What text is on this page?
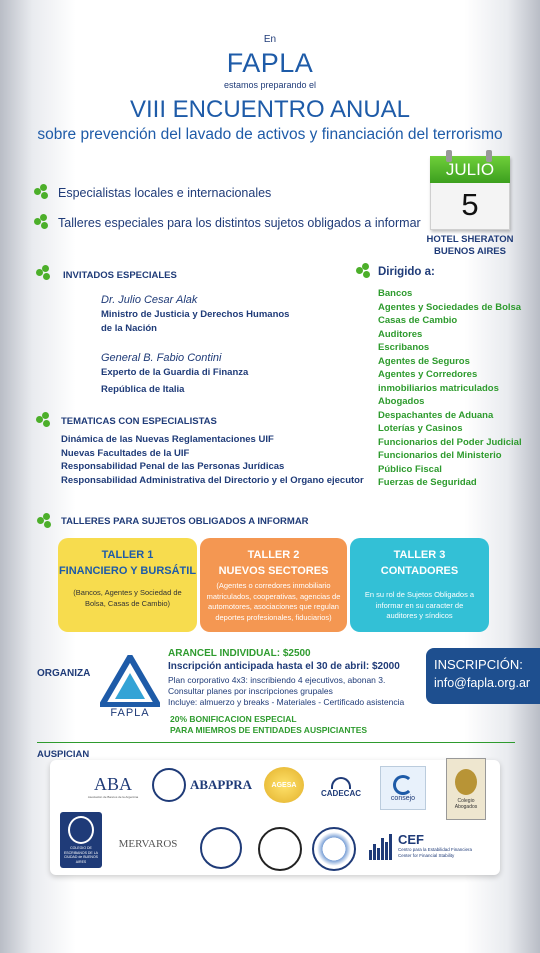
En
FAPLA
estamos preparando el
VIII ENCUENTRO ANUAL
sobre prevención del lavado de activos y financiación del terrorismo
Especialistas locales e internacionales
Talleres especiales para los distintos sujetos obligados a informar
JULIO
5
HOTEL SHERATON
BUENOS AIRES
INVITADOS ESPECIALES
Dr. Julio Cesar Alak
Ministro de Justicia y Derechos Humanos
de la Nación
General B. Fabio Contini
Experto de la Guardia di Finanza
República de Italia
Dirigido a:
Bancos
Agentes y Sociedades de Bolsa
Casas de Cambio
Auditores
Escribanos
Agentes de Seguros
Agentes y Corredores
inmobiliarios matriculados
Abogados
Despachantes de Aduana
Loterías y Casinos
Funcionarios del Poder Judicial
Funcionarios del Ministerio
Público Fiscal
Fuerzas de Seguridad
TEMATICAS CON ESPECIALISTAS
Dinámica de las Nuevas Reglamentaciones UIF
Nuevas Facultades de la UIF
Responsabilidad Penal de las Personas Jurídicas
Responsabilidad Administrativa del Directorio y el Organo ejecutor
TALLERES PARA SUJETOS OBLIGADOS A INFORMAR
TALLER 1
FINANCIERO Y BURSÁTIL
(Bancos, Agentes y Sociedad de Bolsa, Casas de Cambio)
TALLER 2
NUEVOS SECTORES
(Agentes o corredores inmobiliario matriculados, cooperativas, agencias de automotores, asociaciones que regulan deportes profesionales, fiduciarios)
TALLER 3
CONTADORES
En su rol de Sujetos Obligados a informar en su caracter de auditores y síndicos
ORGANIZA
FAPLA
ARANCEL INDIVIDUAL: $2500
Inscripción anticipada hasta el 30 de abril: $2000
Plan corporativo 4x3: inscribiendo 4 ejecutivos, abonan 3.
Consultar planes por inscripciones grupales
Incluye: almuerzo y breaks - Materiales - Certificado asistencia
20% BONIFICACION ESPECIAL
PARA MIEMROS DE ENTIDADES AUSPICIANTES
INSCRIPCIÓN:
info@fapla.org.ar
AUSPICIAN
ABA
Asociación de Bancos de la Argentina
ABAPPRA	AGESA
CADECAC
consejo	Colegio Abogados
COLEGIO DE ESCRIBANOS DE LA CIUDAD de BUENOS AIRES
MERVAROS	CEF
Centro para la Estabilidad Financiera
Center for Financial Stability
